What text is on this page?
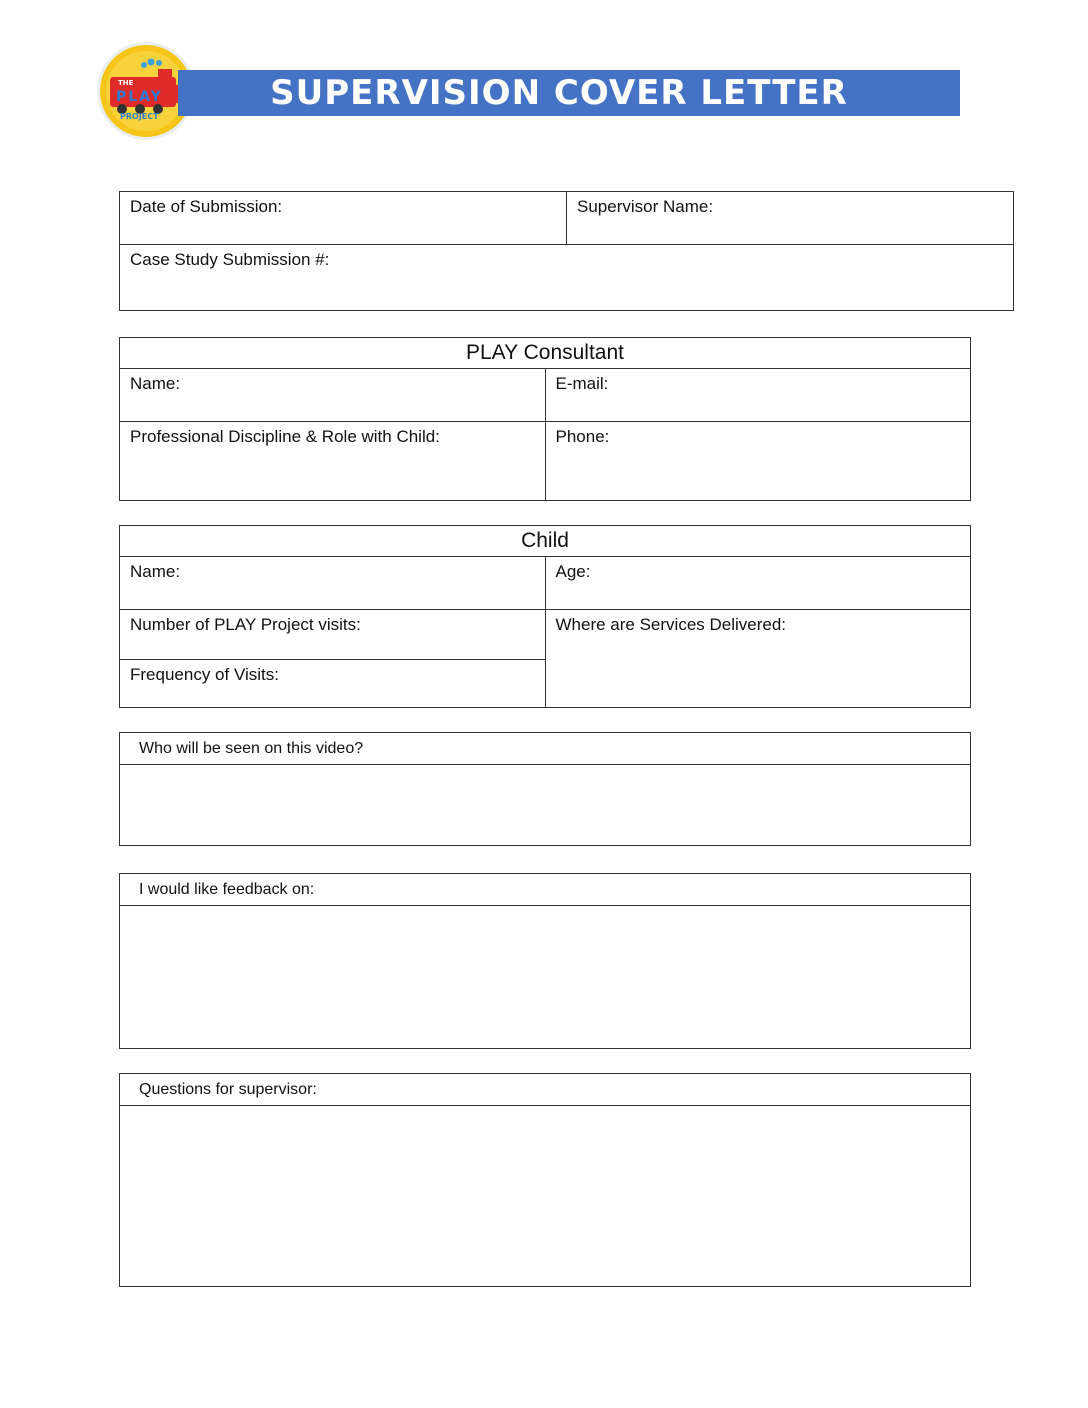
THE
PLAY
PROJECT
SUPERVISION COVER LETTER
Date of Submission:	Supervisor Name:
Case Study Submission #:
PLAY Consultant	
Name:	E-mail:
Professional Discipline & Role with Child:	Phone:
Child	
Name:	Age:
Number of PLAY Project visits:	Where are Services Delivered:
Frequency of Visits:	
Who will be seen on this video?

I would like feedback on:

Questions for supervisor:
